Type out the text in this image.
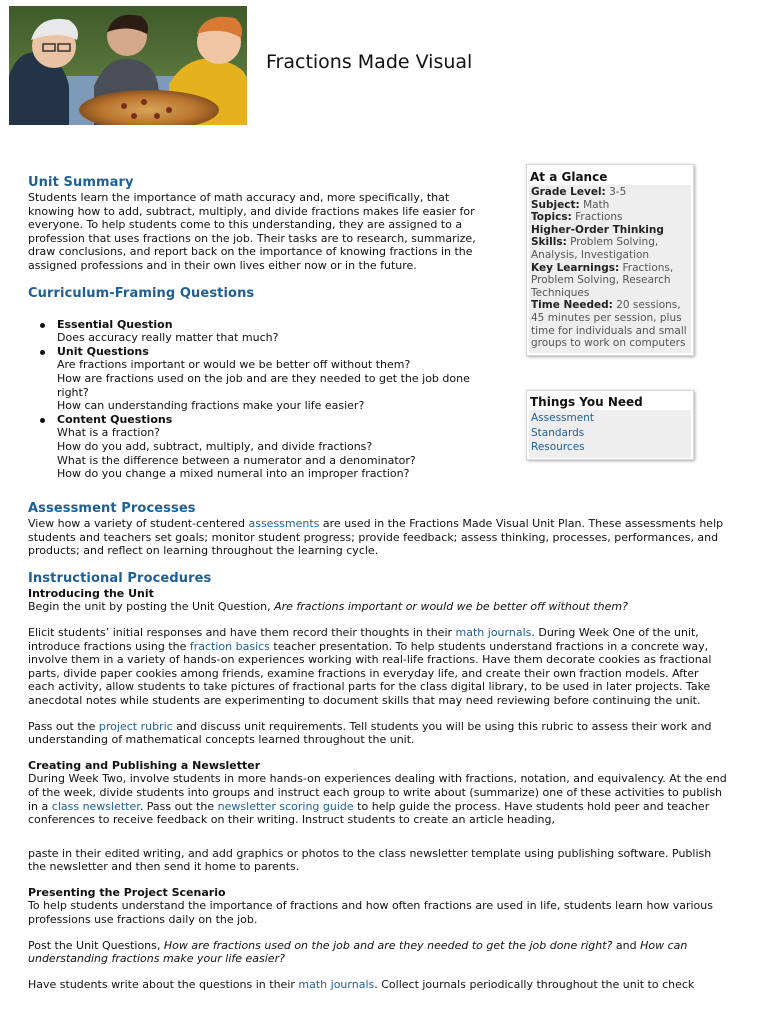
Fractions Made Visual
Unit Summary

Students learn the importance of math accuracy and, more specifically, that knowing how to add, subtract, multiply, and divide fractions makes life easier for everyone. To help students come to this understanding, they are assigned to a profession that uses fractions on the job. Their tasks are to research, summarize, draw conclusions, and report back on the importance of knowing fractions in the assigned professions and in their own lives either now or in the future.

Curriculum-Framing Questions
Essential Question
Does accuracy really matter that much?
Unit Questions
Are fractions important or would we be better off without them?
How are fractions used on the job and are they needed to get the job done right?
How can understanding fractions make your life easier?
Content Questions
What is a fraction?
How do you add, subtract, multiply, and divide fractions?
What is the difference between a numerator and a denominator?
How do you change a mixed numeral into an improper fraction?
At a Glance
Grade Level: 3-5
Subject: Math
Topics: Fractions
Higher-Order Thinking Skills: Problem Solving, Analysis, Investigation
Key Learnings: Fractions, Problem Solving, Research Techniques
Time Needed: 20 sessions, 45 minutes per session, plus time for individuals and small groups to work on computers
Things You Need
Assessment
Standards
Resources
Assessment Processes

View how a variety of student-centered assessments are used in the Fractions Made Visual Unit Plan. These assessments help students and teachers set goals; monitor student progress; provide feedback; assess thinking, processes, performances, and products; and reflect on learning throughout the learning cycle.

Instructional Procedures

Introducing the Unit

Begin the unit by posting the Unit Question, Are fractions important or would we be better off without them?

Elicit students’ initial responses and have them record their thoughts in their math journals. During Week One of the unit, introduce fractions using the fraction basics teacher presentation. To help students understand fractions in a concrete way, involve them in a variety of hands-on experiences working with real-life fractions. Have them decorate cookies as fractional parts, divide paper cookies among friends, examine fractions in everyday life, and create their own fraction models. After each activity, allow students to take pictures of fractional parts for the class digital library, to be used in later projects. Take anecdotal notes while students are experimenting to document skills that may need reviewing before continuing the unit.

Pass out the project rubric and discuss unit requirements. Tell students you will be using this rubric to assess their work and understanding of mathematical concepts learned throughout the unit.

Creating and Publishing a Newsletter

During Week Two, involve students in more hands-on experiences dealing with fractions, notation, and equivalency. At the end of the week, divide students into groups and instruct each group to write about (summarize) one of these activities to publish in a class newsletter. Pass out the newsletter scoring guide to help guide the process. Have students hold peer and teacher conferences to receive feedback on their writing. Instruct students to create an article heading,

paste in their edited writing, and add graphics or photos to the class newsletter template using publishing software. Publish the newsletter and then send it home to parents.

Presenting the Project Scenario

To help students understand the importance of fractions and how often fractions are used in life, students learn how various professions use fractions daily on the job.

Post the Unit Questions, How are fractions used on the job and are they needed to get the job done right? and How can understanding fractions make your life easier?

Have students write about the questions in their math journals. Collect journals periodically throughout the unit to check
